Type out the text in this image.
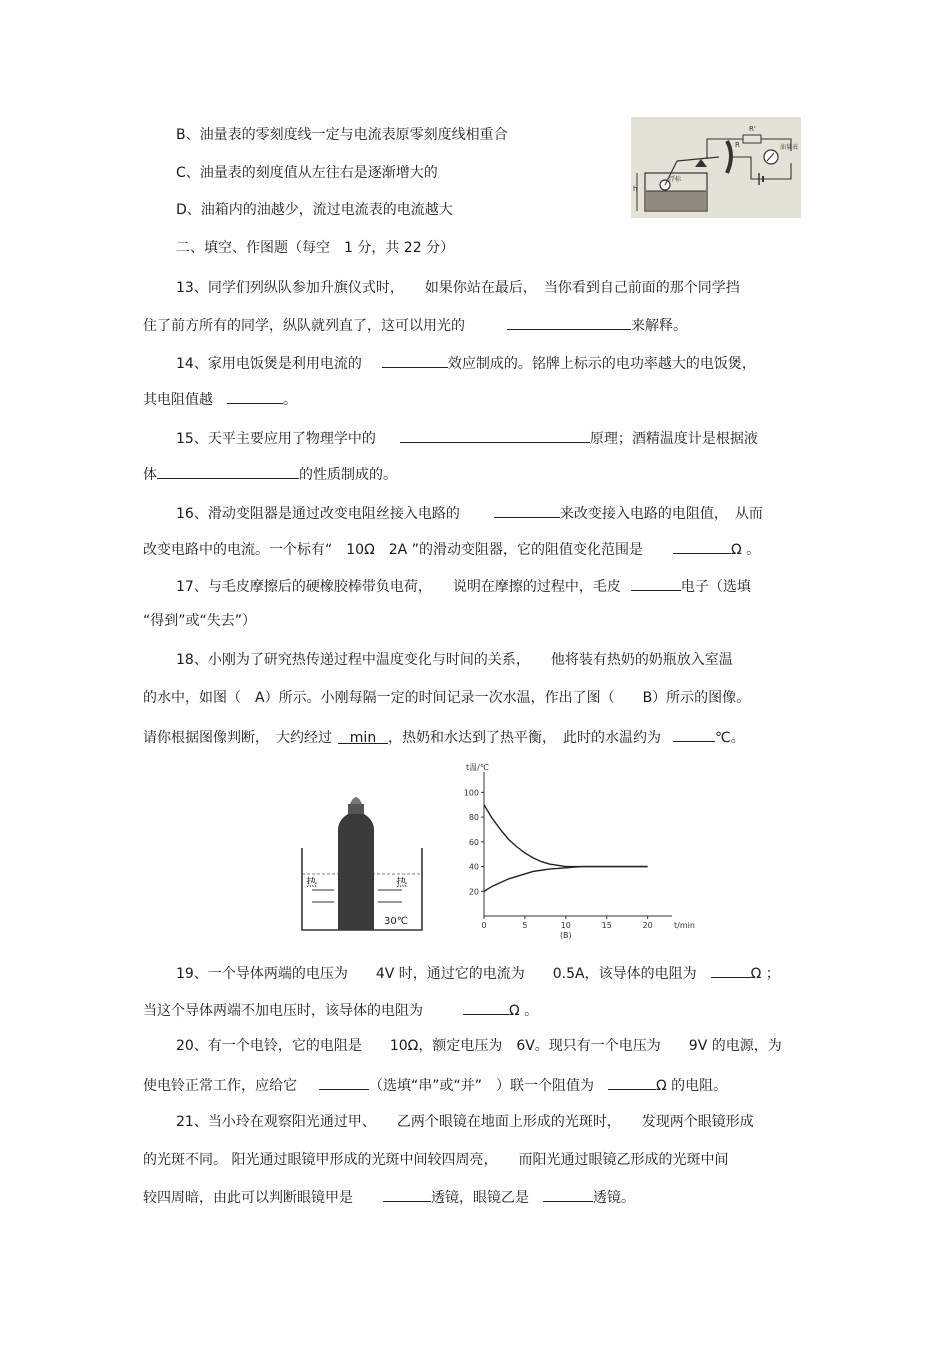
B、油量表的零刻度线一定与电流表原零刻度线相重合
C、油量表的刻度值从左往右是逐渐增大的
D、油箱内的油越少，流过电流表的电流越大
R'
R	油量表
浮标
h
二、填空、作图题（每空　1 分，共 22 分）
13、同学们列纵队参加升旗仪式时，　　如果你站在最后，　当你看到自己前面的那个同学挡
住了前方所有的同学，纵队就列直了，这可以用光的	来解释。
14、家用电饭煲是利用电流的	效应制成的。铭牌上标示的电功率越大的电饭煲，
其电阻值越	。
15、天平主要应用了物理学中的	原理；酒精温度计是根据液
体	的性质制成的。
16、滑动变阻器是通过改变电阻丝接入电路的	来改变接入电路的电阻值，　从而
改变电路中的电流。一个标有“　10Ω　2A ”的滑动变阻器，它的阻值变化范围是	Ω 。
17、与毛皮摩擦后的硬橡胶棒带负电荷，　　说明在摩擦的过程中，毛皮	电子（选填
“得到”或“失去”）
18、小刚为了研究热传递过程中温度变化与时间的关系，　　他将装有热奶的奶瓶放入室温
的水中，如图（　A）所示。小刚每隔一定的时间记录一次水温，作出了图（　　B）所示的图像。
请你根据图像判断，　大约经过 min ，热奶和水达到了热平衡，　此时的水温约为	℃。
热	热
30℃	0	5	10	15	20
20
40
60
80
100
t温/℃
t/min
(B)
19、一个导体两端的电压为　　4V 时，通过它的电流为　　0.5A，该导体的电阻为	Ω ；
当这个导体两端不加电压时，该导体的电阻为	Ω 。
20、有一个电铃，它的电阻是　　10Ω，额定电压为　6V。现只有一个电压为　　9V 的电源，为
使电铃正常工作，应给它	（选填“串”或“并”　）联一个阻值为	Ω 的电阻。
21、当小玲在观察阳光通过甲、　　乙两个眼镜在地面上形成的光斑时，　　发现两个眼镜形成
的光斑不同。 阳光通过眼镜甲形成的光斑中间较四周亮，　　而阳光通过眼镜乙形成的光斑中间
较四周暗，由此可以判断眼镜甲是	透镜，眼镜乙是	透镜。
